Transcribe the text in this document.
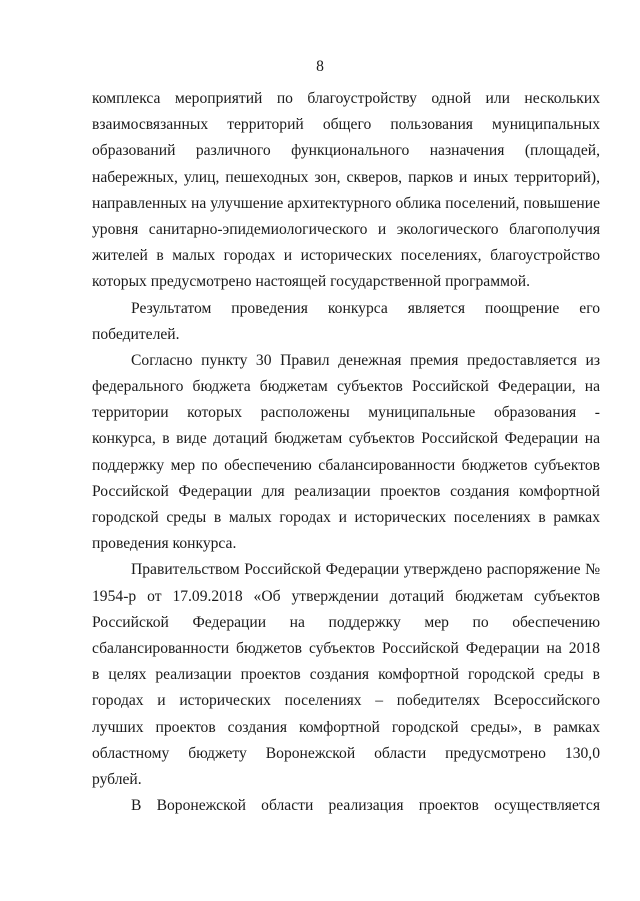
8

комплекса мероприятий по благоустройству одной или нескольких
взаимосвязанных территорий общего пользования муниципальных
образований различного функционального назначения (площадей,
набережных, улиц, пешеходных зон, скверов, парков и иных территорий),
направленных на улучшение архитектурного облика поселений, повышение
уровня санитарно-эпидемиологического и экологического благополучия
жителей в малых городах и исторических поселениях, благоустройство
которых предусмотрено настоящей государственной программой.

Результатом проведения конкурса является поощрение его
победителей.

Согласно пункту 30 Правил денежная премия предоставляется из
федерального бюджета бюджетам субъектов Российской Федерации, на
территории которых расположены муниципальные образования -
конкурса, в виде дотаций бюджетам субъектов Российской Федерации на
поддержку мер по обеспечению сбалансированности бюджетов субъектов
Российской Федерации для реализации проектов создания комфортной
городской среды в малых городах и исторических поселениях в рамках
проведения конкурса.

Правительством Российской Федерации утверждено распоряжение №
1954-р от 17.09.2018 «Об утверждении дотаций бюджетам субъектов
Российской Федерации на поддержку мер по обеспечению
сбалансированности бюджетов субъектов Российской Федерации на 2018
в целях реализации проектов создания комфортной городской среды в
городах и исторических поселениях – победителях Всероссийского
лучших проектов создания комфортной городской среды», в рамках
областному бюджету Воронежской области предусмотрено 130,0
рублей.

В Воронежской области реализация проектов осуществляется
